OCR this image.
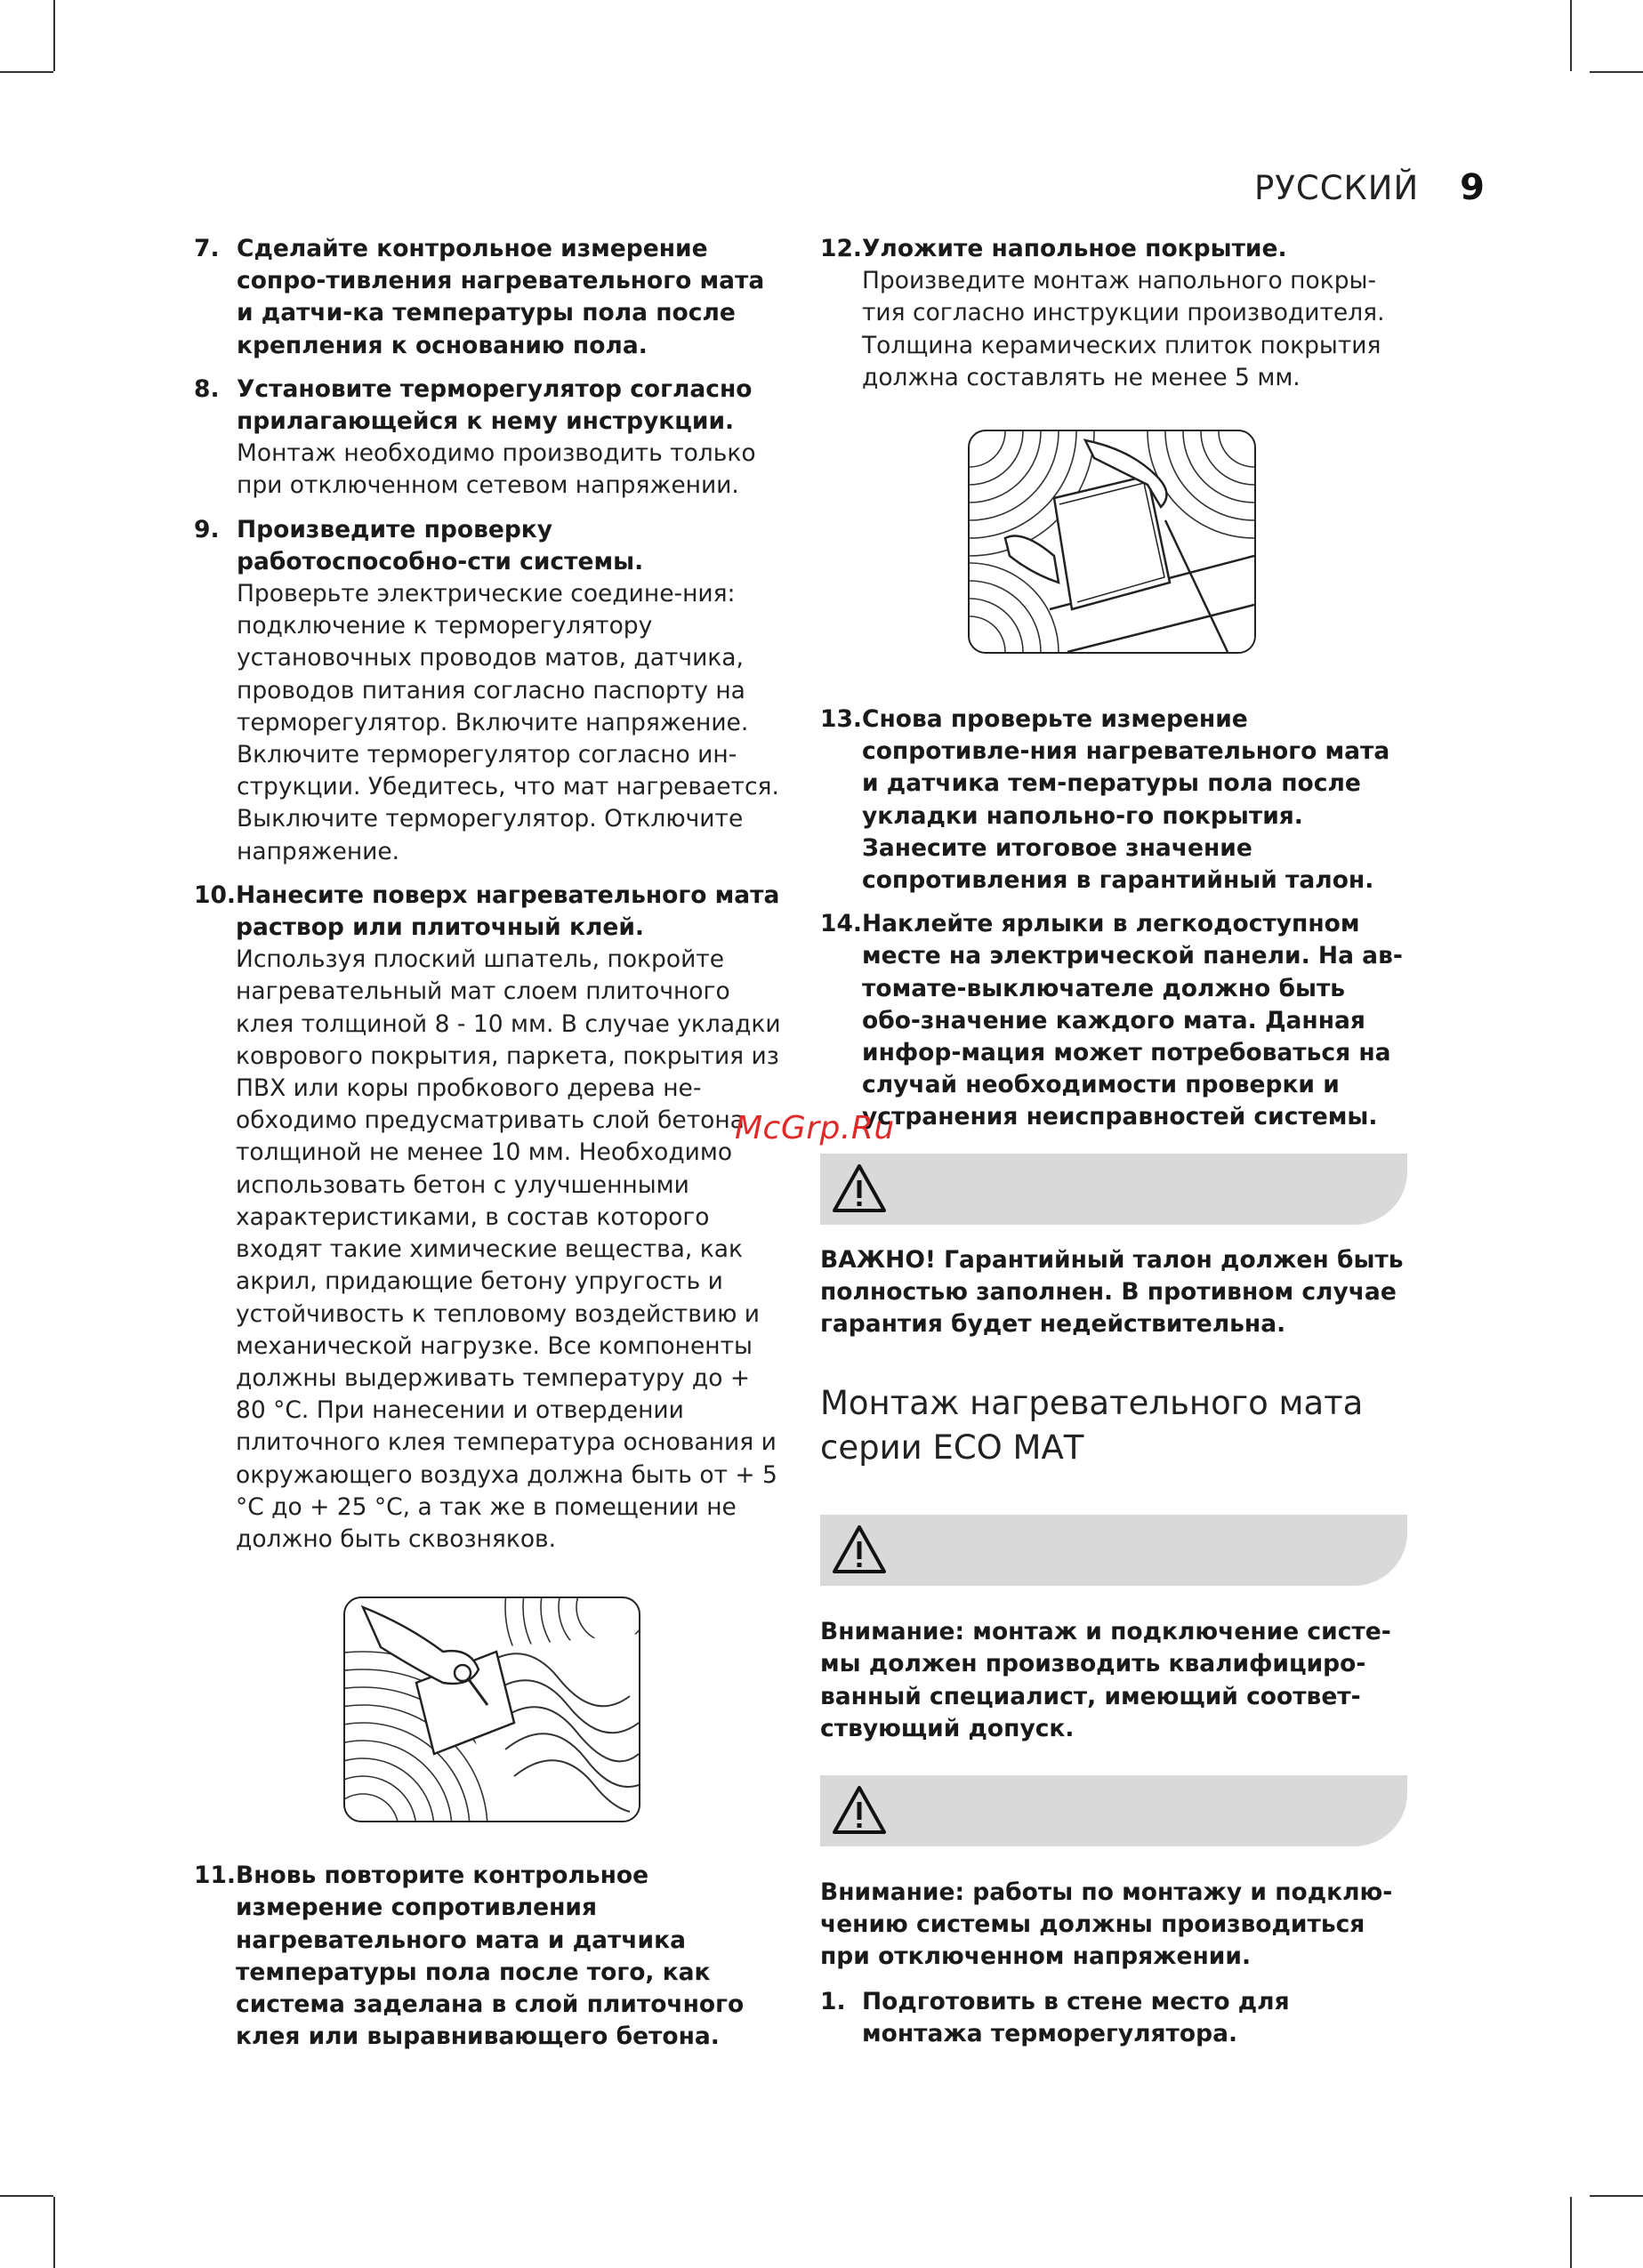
РУССКИЙ 9
7. Сделайте контрольное измерение сопро-тивления нагревательного мата и датчи-ка температуры пола после крепления к основанию пола.
8. Установите терморегулятор согласно прилагающейся к нему инструкции.
Монтаж необходимо производить только при отключенном сетевом напряжении.
9. Произведите проверку работоспособно-сти системы.
Проверьте электрические соедине-ния: подключение к терморегулятору установочных проводов матов, датчика, проводов питания согласно паспорту на терморегулятор. Включите напряжение. Включите терморегулятор согласно ин-струкции. Убедитесь, что мат нагревается. Выключите терморегулятор. Отключите напряжение.
10. Нанесите поверх нагревательного мата раствор или плиточный клей.
Используя плоский шпатель, покройте нагревательный мат слоем плиточного клея толщиной 8 - 10 мм. В случае укладки коврового покрытия, паркета, покрытия из ПВХ или коры пробкового дерева не-обходимо предусматривать слой бетона толщиной не менее 10 мм. Необходимо использовать бетон с улучшенными характеристиками, в состав которого входят такие химические вещества, как акрил, придающие бетону упругость и устойчивость к тепловому воздействию и механической нагрузке. Все компоненты должны выдерживать температуру до + 80 °С. При нанесении и отвердении плиточного клея температура основания и окружающего воздуха должна быть от + 5 °С до + 25 °С, а так же в помещении не должно быть сквозняков.
11. Вновь повторите контрольное измерение сопротивления нагревательного мата и датчика температуры пола после того, как система заделана в слой плиточного клея или выравнивающего бетона.
12. Уложите напольное покрытие.
Произведите монтаж напольного покры-тия согласно инструкции производителя. Толщина керамических плиток покрытия должна составлять не менее 5 мм.
13. Снова проверьте измерение сопротивле-ния нагревательного мата и датчика тем-пературы пола после укладки напольно-го покрытия. Занесите итоговое значение сопротивления в гарантийный талон.
14. Наклейте ярлыки в легкодоступном месте на электрической панели. На ав-томате-выключателе должно быть обо-значение каждого мата. Данная инфор-мация может потребоваться на случай необходимости проверки и устранения неисправностей системы.
ВАЖНО! Гарантийный талон должен быть полностью заполнен. В противном случае гарантия будет недействительна.
Монтаж нагревательного мата серии ЕСО МАТ
Внимание: монтаж и подключение систе-мы должен производить квалифициро-ванный специалист, имеющий соответ-ствующий допуск.
Внимание: работы по монтажу и подклю-чению системы должны производиться при отключенном напряжении.
1. Подготовить в стене место для монтажа терморегулятора.
McGrp.Ru
